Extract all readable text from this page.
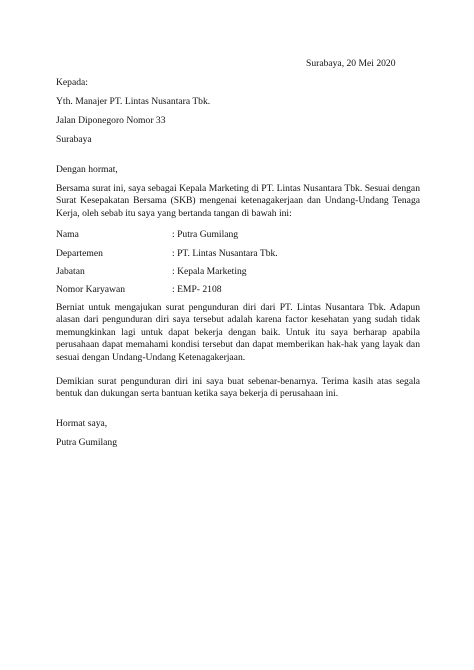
Surabaya, 20 Mei 2020
Kepada:
Yth. Manajer PT. Lintas Nusantara Tbk.
Jalan Diponegoro Nomor 33
Surabaya
Dengan hormat,
Bersama surat ini, saya sebagai Kepala Marketing di PT. Lintas Nusantara Tbk. Sesuai dengan Surat Kesepakatan Bersama (SKB) mengenai ketenagakerjaan dan Undang-Undang Tenaga Kerja, oleh sebab itu saya yang bertanda tangan di bawah ini:
Nama	: Putra Gumilang
Departemen	: PT. Lintas Nusantara Tbk.
Jabatan	: Kepala Marketing
Nomor Karyawan	: EMP- 2108
Berniat untuk mengajukan surat pengunduran diri dari PT. Lintas Nusantara Tbk. Adapun alasan dari pengunduran diri saya tersebut adalah karena factor kesehatan yang sudah tidak memungkinkan lagi untuk dapat bekerja dengan baik. Untuk itu saya berharap apabila perusahaan dapat memahami kondisi tersebut dan dapat memberikan hak-hak yang layak dan sesuai dengan Undang-Undang Ketenagakerjaan.
Demikian surat pengunduran diri ini saya buat sebenar-benarnya. Terima kasih atas segala bentuk dan dukungan serta bantuan ketika saya bekerja di perusahaan ini.
Hormat saya,
Putra Gumilang
